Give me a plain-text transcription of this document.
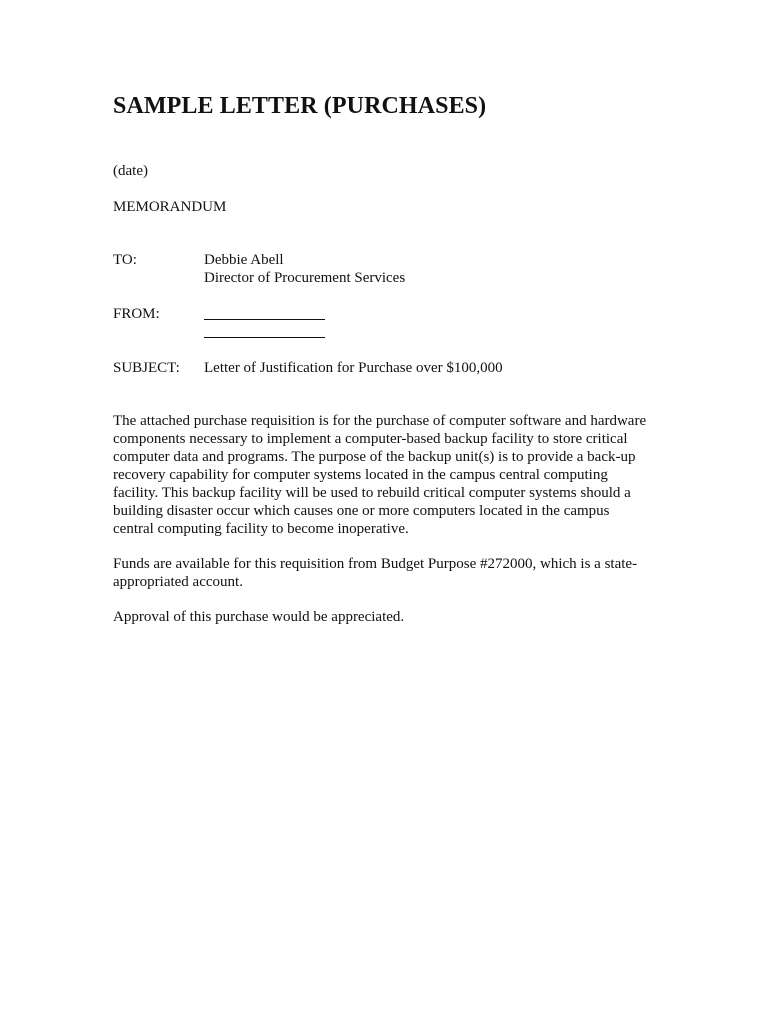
SAMPLE LETTER (PURCHASES)
(date)
MEMORANDUM
TO:	Debbie Abell
Director of Procurement Services
FROM:
SUBJECT: Letter of Justification for Purchase over $100,000

The attached purchase requisition is for the purchase of computer software and hardware
components necessary to implement a computer-based backup facility to store critical
computer data and programs. The purpose of the backup unit(s) is to provide a back-up
recovery capability for computer systems located in the campus central computing
facility. This backup facility will be used to rebuild critical computer systems should a
building disaster occur which causes one or more computers located in the campus
central computing facility to become inoperative.

Funds are available for this requisition from Budget Purpose #272000, which is a state-
appropriated account.

Approval of this purchase would be appreciated.
